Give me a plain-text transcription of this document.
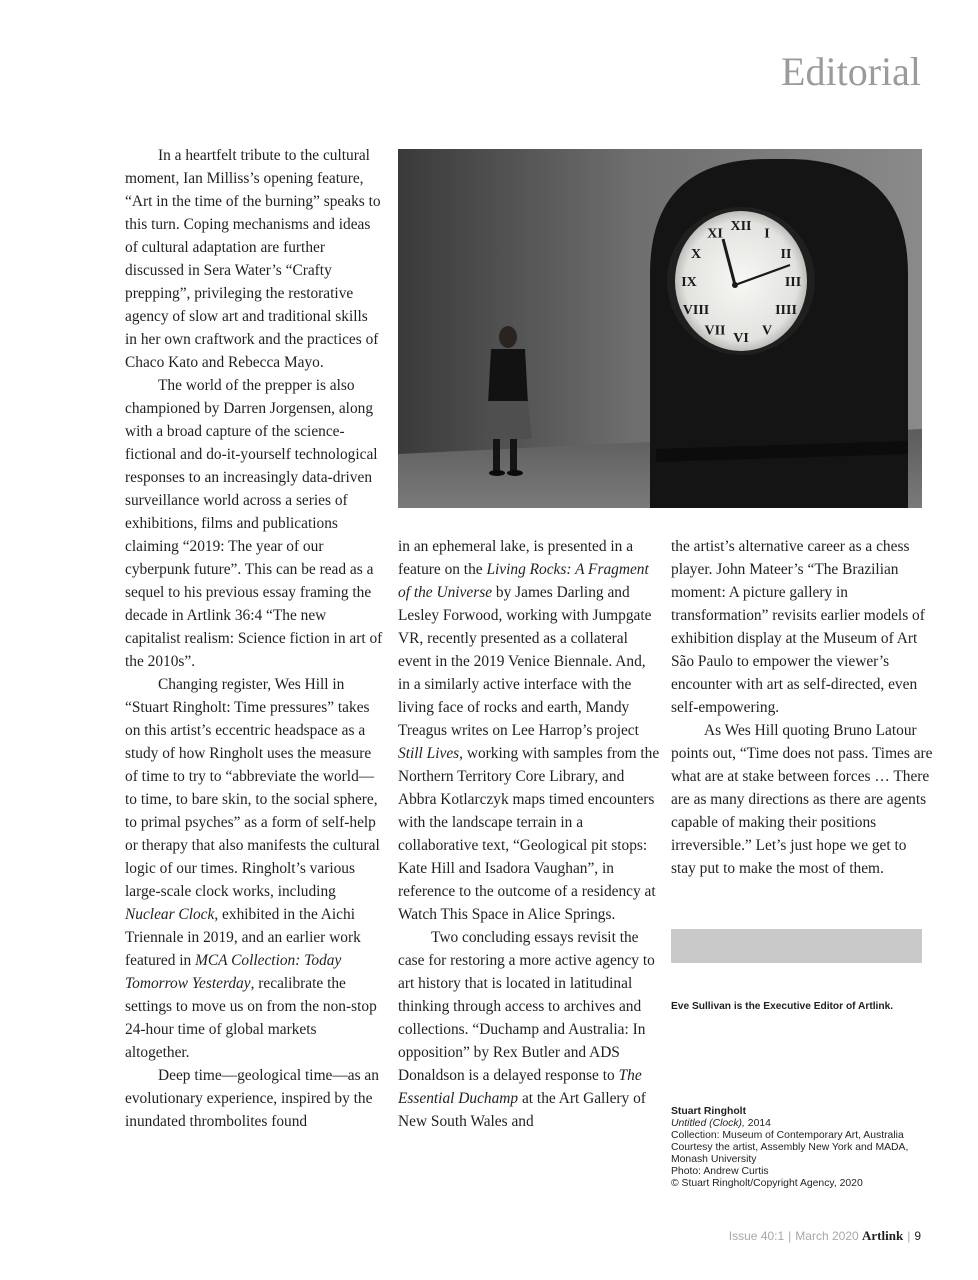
Editorial

In a heartfelt tribute to the cultural moment, Ian Milliss’s opening feature, “Art in the time of the burning” speaks to this turn. Coping mechanisms and ideas of cultural adaptation are further discussed in Sera Water’s “Crafty prepping”, privileging the restorative agency of slow art and traditional skills in her own craftwork and the practices of Chaco Kato and Rebecca Mayo.

The world of the prepper is also championed by Darren Jorgensen, along with a broad capture of the science-fictional and do-it-yourself technological responses to an increasingly data-driven surveillance world across a series of exhibitions, films and publications claiming “2019: The year of our cyberpunk future”. This can be read as a sequel to his previous essay framing the decade in Artlink 36:4 “The new capitalist realism: Science fiction in art of the 2010s”.

Changing register, Wes Hill in “Stuart Ringholt: Time pressures” takes on this artist’s eccentric headspace as a study of how Ringholt uses the measure of time to try to “abbreviate the world—to time, to bare skin, to the social sphere, to primal psyches” as a form of self-help or therapy that also manifests the cultural logic of our times. Ringholt’s various large-scale clock works, including Nuclear Clock, exhibited in the Aichi Triennale in 2019, and an earlier work featured in MCA Collection: Today Tomorrow Yesterday, recalibrate the settings to move us on from the non-stop 24-hour time of global markets altogether.

Deep time—geological time—as an evolutionary experience, inspired by the inundated thrombolites found

XII I
II
III
IIII
V
VI
VII
VIII
IX
X
XI

in an ephemeral lake, is presented in a feature on the Living Rocks: A Fragment of the Universe by James Darling and Lesley Forwood, working with Jumpgate VR, recently presented as a collateral event in the 2019 Venice Biennale. And, in a similarly active interface with the living face of rocks and earth, Mandy Treagus writes on Lee Harrop’s project Still Lives, working with samples from the Northern Territory Core Library, and Abbra Kotlarczyk maps timed encounters with the landscape terrain in a collaborative text, “Geological pit stops: Kate Hill and Isadora Vaughan”, in reference to the outcome of a residency at Watch This Space in Alice Springs.

Two concluding essays revisit the case for restoring a more active agency to art history that is located in latitudinal thinking through access to archives and collections. “Duchamp and Australia: In opposition” by Rex Butler and ADS Donaldson is a delayed response to The Essential Duchamp at the Art Gallery of New South Wales and

the artist’s alternative career as a chess player. John Mateer’s “The Brazilian moment: A picture gallery in transformation” revisits earlier models of exhibition display at the Museum of Art São Paulo to empower the viewer’s encounter with art as self-directed, even self-empowering.

As Wes Hill quoting Bruno Latour points out, “Time does not pass. Times are what are at stake between forces … There are as many directions as there are agents capable of making their positions irreversible.” Let’s just hope we get to stay put to make the most of them.

Eve Sullivan is the Executive Editor of Artlink.
Stuart Ringholt
Untitled (Clock), 2014
Collection: Museum of Contemporary Art, Australia
Courtesy the artist, Assembly New York and MADA, Monash University
Photo: Andrew Curtis
© Stuart Ringholt/Copyright Agency, 2020
Issue 40:1 | March 2020 Artlink | 9
